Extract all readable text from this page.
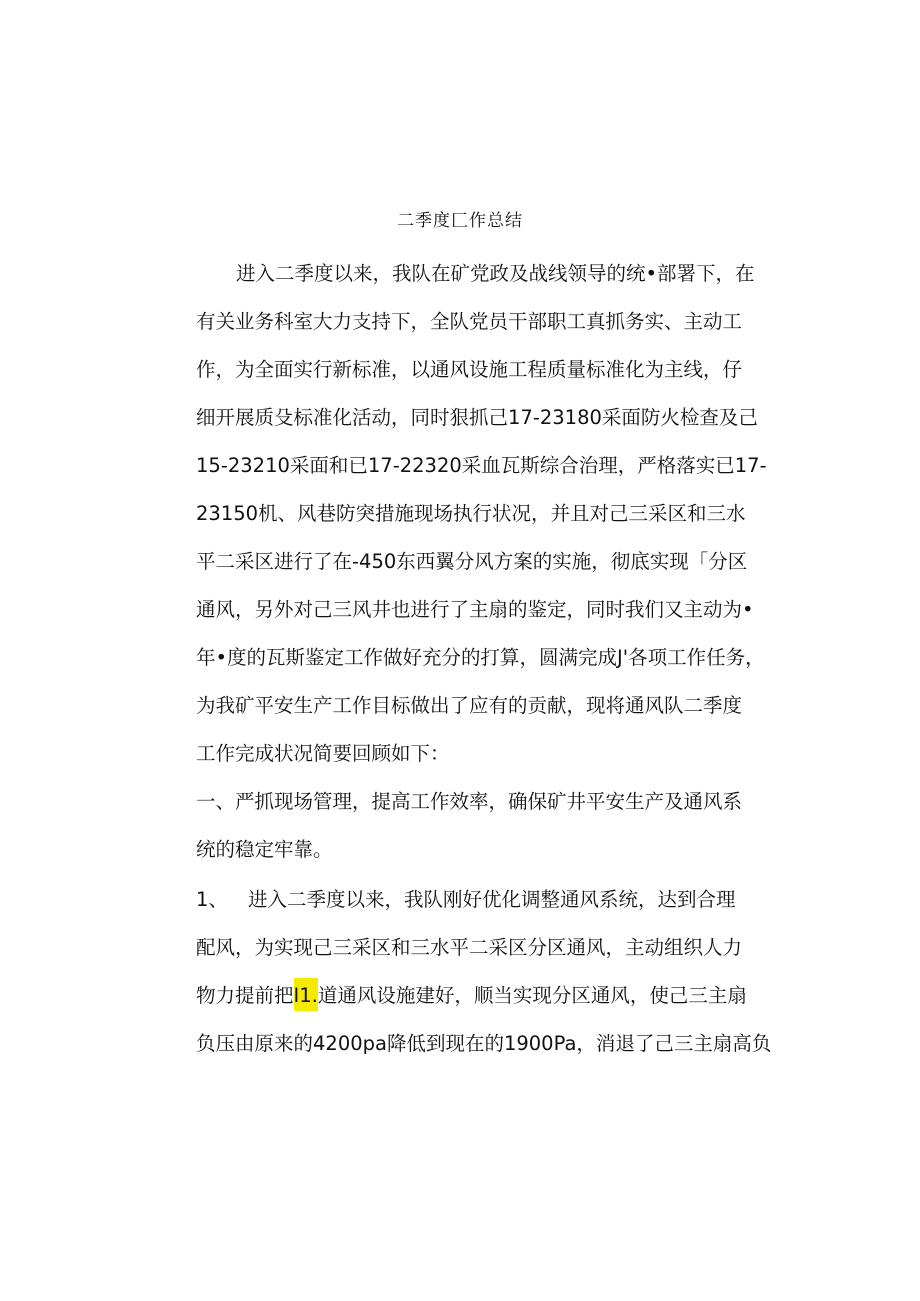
二季度匚作总结
进入二季度以来，我队在矿党政及战线领导的统•部署下，在
有关业务科室大力支持下，全队党员干部职工真抓务实、主动工
作，为全面实行新标准，以通风设施工程质量标准化为主线，仔
细开展质殳标准化活动，同时狠抓己17-23180采面防火检查及己
15-23210采面和已17-22320采血瓦斯综合治理，严格落实已17-
23150机、风巷防突措施现场执行状况，并且对己三采区和三水
平二采区进行了在-450东西翼分风方案的实施，彻底实现「分区
通风，另外对己三风井也进行了主扇的鉴定，同时我们又主动为•
年•度的瓦斯鉴定工作做好充分的打算，圆满完成J'各项工作任务，
为我矿平安生产工作目标做出了应有的贡献，现将通风队二季度
工作完成状况简要回顾如下：
一、严抓现场管理，提高工作效率，确保矿井平安生产及通风系
统的稳定牢靠。
1、 进入二季度以来，我队刚好优化调整通风系统，达到合理
配风，为实现己三采区和三水平二采区分区通风，主动组织人力
物力提前把I1.道通风设施建好，顺当实现分区通风，使己三主扇
负压由原来的4200pa降低到现在的1900Pa，消退了己三主扇高负
